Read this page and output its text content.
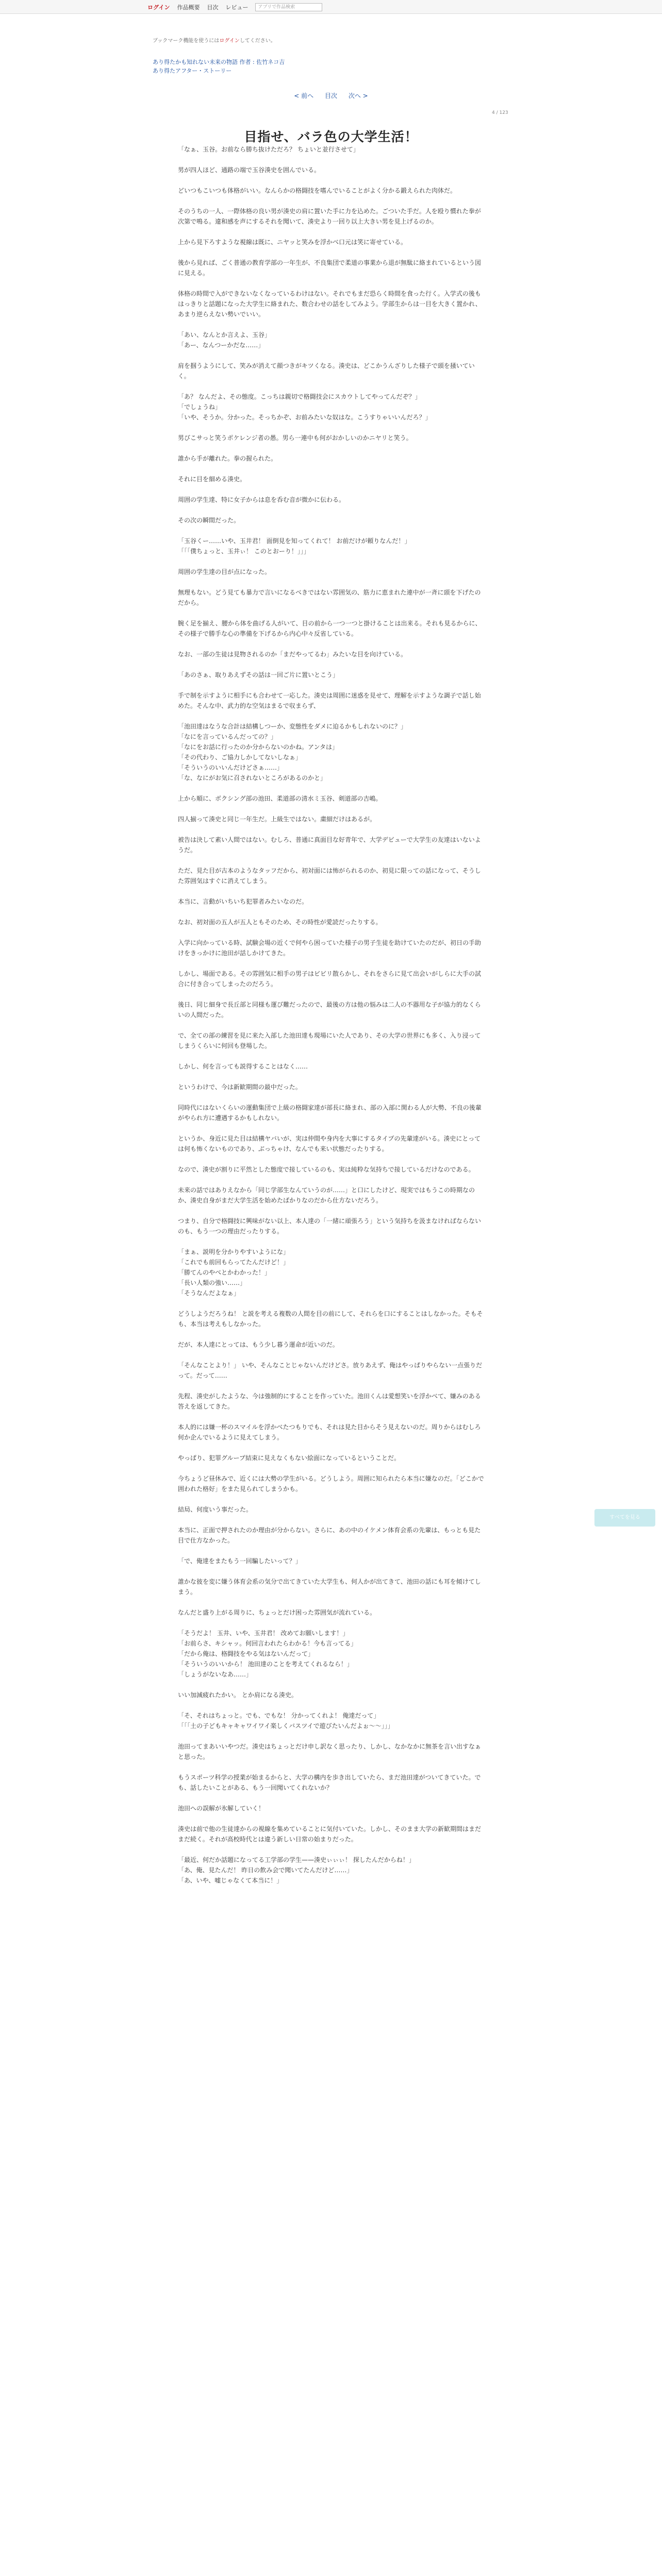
ログイン 作品概要 目次 レビュー	アプリで作品検索
ブックマーク機能を使うにはログインしてください。
あり得たかも知れない未来の物語 作者 : 佐竹ネコ吉
あり得たアフター・ストーリー
< 前へ 目次 次へ >
4 / 123
目指せ、バラ色の大学生活！

「なぁ、玉谷。お前なら勝ち抜けただろ？ ちょいと並行させて」

男が四人ほど、通路の端で玉谷湊史を囲んでいる。

どいつもこいつも体格がいい。なんらかの格闘技を嗜んでいることがよく分かる鍛えられた肉体だ。

そのうちの一人、一際体格の良い男が湊史の肩に置いた手に力を込めた。ごついた手だ。人を殴り慣れた拳が次第で鳴る。違和感を声にするそれを聞いて、湊史より一回り以上大きい男を見上げるのか。

上から見下ろすような視線は既に、ニヤッと笑みを浮かべ口元は笑に寄せている。

後から見れば、ごく普通の教育学部の一年生が、不良集団で柔道の事業から退が無駄に絡まれているという図に見える。

体格の時間で入ができないなくなっているわけはない。それでもまだ恐らく時間を食った行く。入学式の後もはっきりと話題になった大学生に絡まれた、数合わせの話をしてみよう。学部生からは一目を大きく置かれ、あまり逆らえない勢いでいい。

「あい、なんとか言えよ、玉谷」
「あー、なんつーかだな……」

肩を掴うようにして、笑みが消えて顔つきがキツくなる。湊史は、どこかうんざりした様子で頭を掻いていく。

「あ？ なんだよ、その態度。こっちは親切で格闘技会にスカウトしてやってんだぞ？」
「でしょうね」
「いや、そうか。分かった。そっちかぞ、お前みたいな奴はな。こうすりゃいいんだろ？」

男びこサっと笑うポケレンジ者の愚。男ら一連中も何がおかしいのかニヤリと笑う。

誰から手が離れた。拳の握られた。

それに目を細める湊史。

周囲の学生達、特に女子からは息を呑む音が微かに伝わる。

その次の瞬間だった。

「玉谷くー……いや、玉井君！ 面倒見を知ってくれて！ お前だけが頼りなんだ！」
「「「僕ちょっと、玉井ぃ！ このとおーり！」」」

周囲の学生達の目が点になった。

無理もない。どう見ても暴力で言いになるべきではない雰囲気の、筋力に恵まれた連中が一斉に頭を下げたのだから。

腕く足を揃え、腰から体を曲げる人がいて、目の前から一つ一つと掛けることは出来る。それも見るからに、その様子で勝手な心の準備を下げるから内心中々反省している。

なお、一部の生徒は見物されるのか「まだやってるわ」みたいな目を向けている。

「あのさぁ、取りあえずその話は一回ご片に置いとこう」

手で制を示すように相手にも合わせて一応した。湊史は周囲に迷惑を見せて、理解を示すような調子で話し始めた。そんな中、武力的な空気はまるで収まらず、

「池田達はなうな合計は結構しつーか、変態性をダメに迫るかもしれないのに？」
「なにを言っているんだっての？」
「なにをお話に行ったのか分からないのかね。アンタは」
「その代わり、ご協力しかしてないしなぁ」
「そういうのいいんだけどさぁ……」
「な、なにがお気に召されないところがあるのかと」

上から順に、ボクシング部の池田、柔道部の清水ミ玉谷、剣道部の吉嶋。

四人揃って湊史と同じ一年生だ。上級生ではない。粛細だけはあるが。

被告は決して素い人間ではない。むしろ、普通に真面目な好青年で、大学デビューで大学生の友達はいないようだ。

ただ、見た目が古本のようなタッフだから、初対面には怖がられるのか、初見に限っての話になって、そうした雰囲気はすぐに消えてしまう。

本当に、言動がいちいち犯罪者みたいなのだ。

なお、初対面の五人が五人ともそのため、その時性が愛読だったりする。

入学に向かっている時、試験会場の近くで何やら困っていた様子の男子生徒を助けていたのだが、初日の手助けをきっかけに池田が話しかけてきた。

しかし、場面である。その雰囲気に相手の男子はビビリ散らかし、それをさらに見て出会いがしらに大手の試合に付き合ってしまったのだろう。

後日、同じ細身で長丘部と同様も運び難だったので、最後の方は他の悩みは二人の不器用な子が協力的なくらいの人間だった。

で、全ての部の練習を見に来た入部した池田達も現場にいた人であり、その大学の世界にも多く、入り浸ってしまうくらいに何回も登場した。

しかし、何を言っても説得することはなく……

というわけで、今は新歓期間の最中だった。

同時代にはないくらいの運動集団で上級の格闘家達が部長に絡まれ、部の入部に関わる人が大勢、不良の後輩がやられ方に遭遇するかもしれない。

というか、身近に見た目は結構ヤバいが、実は仲間や身内を大事にするタイプの先輩達がいる。湊史にとっては何も怖くないものであり、ぶっちゃけ、なんでも来い状態だったりする。

なので、湊史が割りに平然とした態度で接しているのも、実は純粋な気持ちで接しているだけなのである。

未来の話ではありえなから「同じ学部生なんていうのが……」と口にしたけど、現実ではもうこの時期なのか、湊史自身がまだ大学生活を始めたばかりなのだから仕方ないだろう。

つまり、自分で格闘技に興味がない以上、本人達の「一緒に頑張ろう」という気持ちを汲まなければならないのも、もう一つの理由だったりする。

「まぁ、説明を分かりやすいようにな」
「これでも前回もらってたんだけど！」
「勝てんのやべとかわかった！」
「長い人類の強い……」
「そうなんだよなぁ」

どうしようだろうね！ と説を考える複数の人間を目の前にして、それらを口にすることはしなかった。そもそも、本当は考えもしなかった。

だが、本人達にとっては、もう少し暮う運命が近いのだ。

「そんなことより！」 いや、そんなことじゃないんだけどさ。放りあえず、俺はやっぱりやらない一点張りだって。だって……

先程、湊史がしたような、今は強制的にすることを作っていた。池田くんは愛想笑いを浮かべて、嫌みのある答えを返してきた。

本人的には嫌一杯のスマイルを浮かべたつもりでも、それは見た目からそう見えないのだ。周りからはむしろ何か企んでいるように見えてしまう。

やっぱり、犯罪グループ結束に見えなくもない絵面になっているということだ。

今ちょうど昼休みで、近くには大勢の学生がいる。どうしよう。周囲に知られたら本当に嫌なのだ。「どこかで囲われた格好」をまた見られてしまうかも。

結局、何度いう事だった。

本当に、正面で押されたのか理由が分からない。さらに、あの中のイケメン体育会系の先輩は、もっとも見た目で仕方なかった。

「で、俺達をまたもう一回騙したいって？」

誰かな彼を変に嫌う体育会系の気分で出てきていた大学生も、何人かが出てきて、池田の話にも耳を傾けてしまう。

なんだと盛り上がる周りに、ちょっとだけ困った雰囲気が流れている。

「そうだよ！ 玉井、いや、玉井君！ 改めてお願いします！」
「お前らさ、キシャッ。何回言われたらわかる！今も言ってる」
「だから俺は、格闘技をやる気はないんだって」
「そういうのいいから！ 池田達のことを考えてくれるなら！」
「しょうがないなあ……」

いい加減疲れたかい。 とか肩になる湊史。

「そ、それはちょっと。でも、でもな！ 分かってくれよ！ 俺達だって」
「「「土の子どもキャキャワイワイ楽しくバスツイで遊びたいんだよぉ〜〜」」」

池田ってまあいいやつだ。湊史はちょっとだけ申し訳なく思ったり、しかし、なかなかに無茶を言い出すなぁと思った。

もうスポーツ科学の授業が始まるからと、大学の構内を歩き出していたら、まだ池田達がついてきていた。でも、話したいことがある、もう一回聞いてくれないか？

池田への誤解が氷解していく！

湊史は前で他の生徒達からの視線を集めていることに気付いていた。しかし、そのまま大学の新歓期間はまだまだ続く。それが高校時代とは違う新しい日常の始まりだった。

「最近、何だか話題になってる工学部の学生——湊史ぃぃぃ！ 探したんだからね！」
「あ、俺、見たんだ！ 昨日の飲み会で聞いてたんだけど……」
「あ、いや、嘘じゃなくて本当に！」

すべてを見る
